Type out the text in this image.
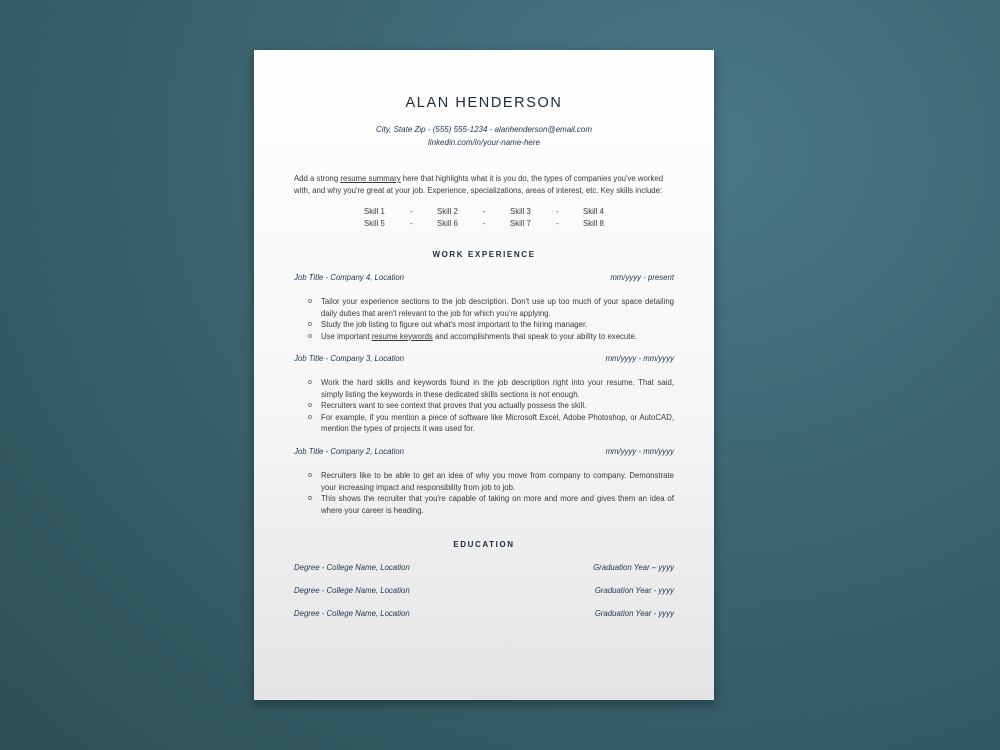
ALAN HENDERSON
City, State Zip - (555) 555-1234 - alanhenderson@email.com
linkedin.com/in/your-name-here
Add a strong resume summary here that highlights what it is you do, the types of companies you've worked with, and why you're great at your job. Experience, specializations, areas of interest, etc. Key skills include:
Skill 1	-	Skill 2	-	Skill 3	-	Skill 4
Skill 5	-	Skill 6	-	Skill 7	-	Skill 8
WORK EXPERIENCE
Job Title - Company 4, Location	mm/yyyy - present
o Tailor your experience sections to the job description. Don't use up too much of your space detailing daily duties that aren't relevant to the job for which you're applying.
o Study the job listing to figure out what's most important to the hiring manager.
o Use important resume keywords and accomplishments that speak to your ability to execute.
Job Title - Company 3, Location	mm/yyyy - mm/yyyy
o Work the hard skills and keywords found in the job description right into your resume. That said, simply listing the keywords in these dedicated skills sections is not enough.
o Recruiters want to see context that proves that you actually possess the skill.
o For example, if you mention a piece of software like Microsoft Excel, Adobe Photoshop, or AutoCAD, mention the types of projects it was used for.
Job Title - Company 2, Location	mm/yyyy - mm/yyyy
o Recruiters like to be able to get an idea of why you move from company to company. Demonstrate your increasing impact and responsibility from job to job.
o This shows the recruiter that you're capable of taking on more and more and gives them an idea of where your career is heading.
EDUCATION
Degree - College Name, Location	Graduation Year – yyyy
Degree - College Name, Location	Graduation Year - yyyy
Degree - College Name, Location	Graduation Year - yyyy
